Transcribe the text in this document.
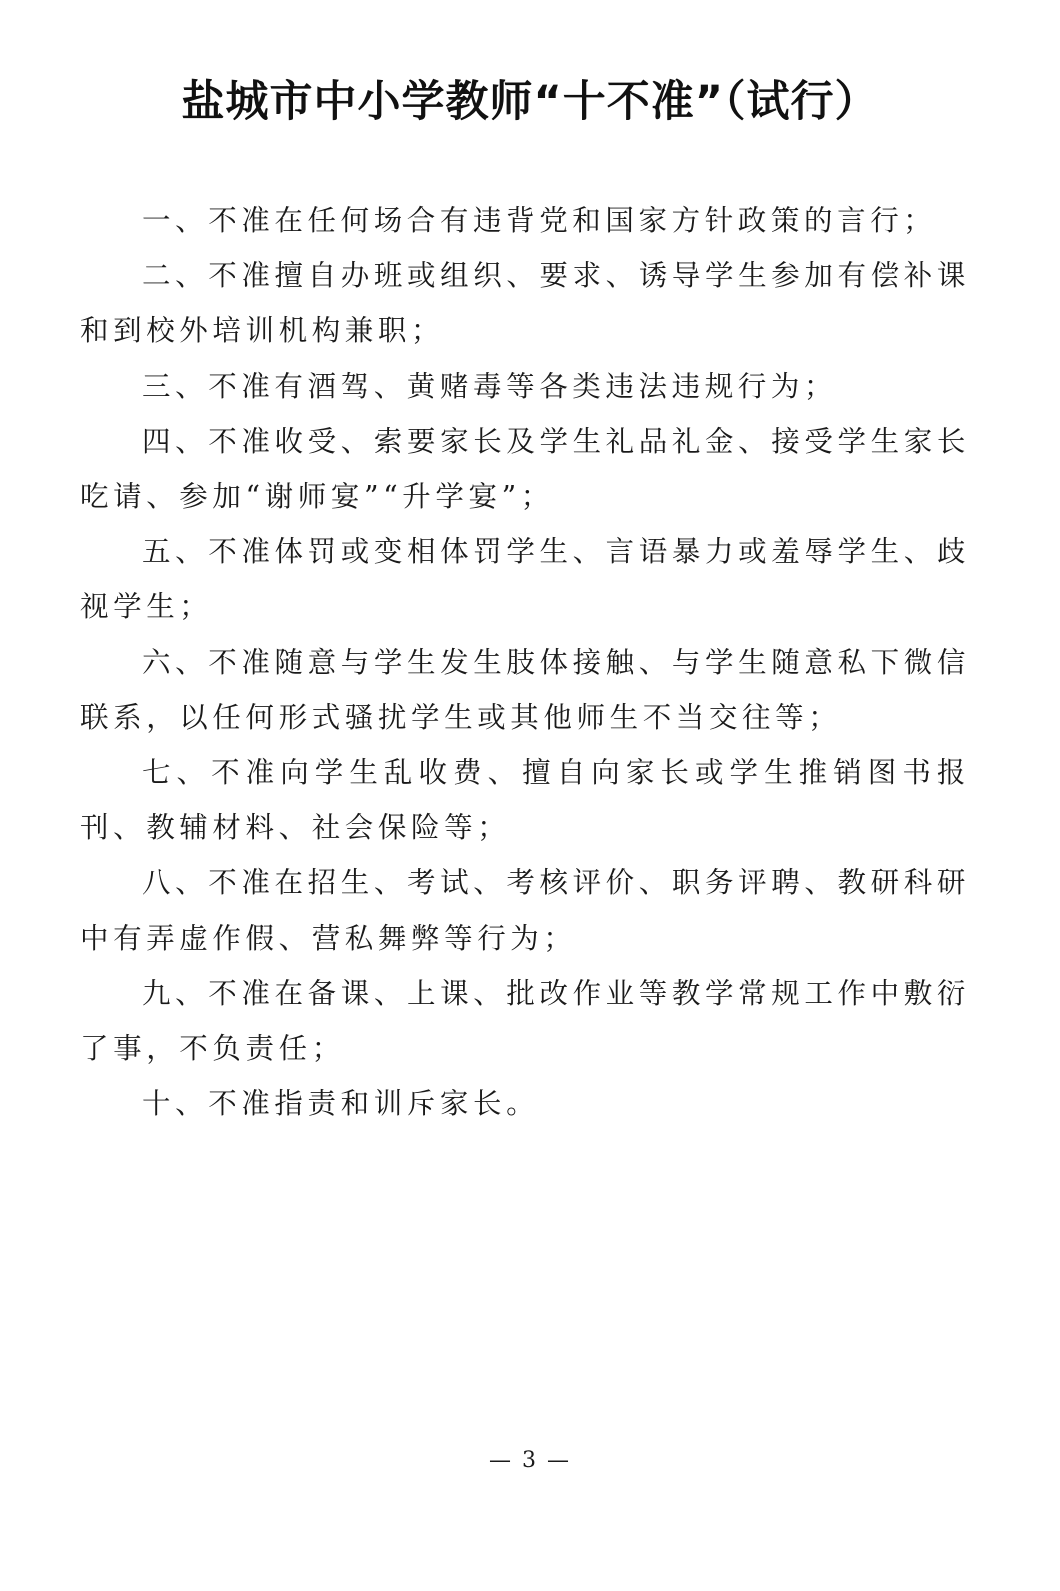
盐城市中小学教师“十不准”（试行）
一、不准在任何场合有违背党和国家方针政策的言行；
二、不准擅自办班或组织、要求、诱导学生参加有偿补课和到校外培训机构兼职；
三、不准有酒驾、黄赌毒等各类违法违规行为；
四、不准收受、索要家长及学生礼品礼金、接受学生家长吃请、参加“谢师宴”“升学宴”；
五、不准体罚或变相体罚学生、言语暴力或羞辱学生、歧视学生；
六、不准随意与学生发生肢体接触、与学生随意私下微信联系，以任何形式骚扰学生或其他师生不当交往等；
七、不准向学生乱收费、擅自向家长或学生推销图书报刊、教辅材料、社会保险等；
八、不准在招生、考试、考核评价、职务评聘、教研科研中有弄虚作假、营私舞弊等行为；
九、不准在备课、上课、批改作业等教学常规工作中敷衍了事，不负责任；
十、不准指责和训斥家长。
— 3 —
